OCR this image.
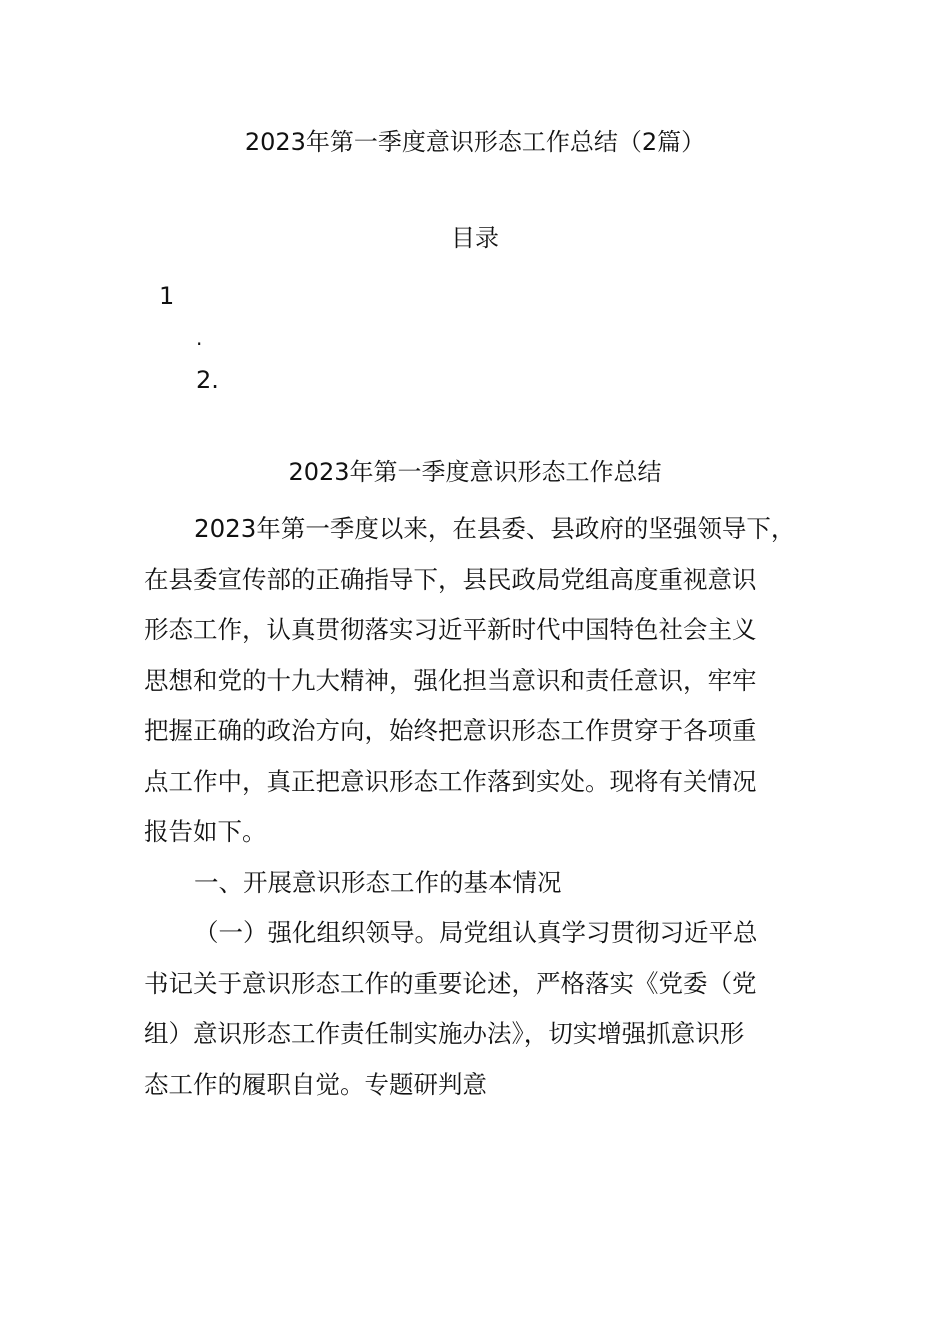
2023年第一季度意识形态工作总结（2篇）
目录
1
.
2.
2023年第一季度意识形态工作总结
2023年第一季度以来，在县委、县政府的坚强领导下，
在县委宣传部的正确指导下，县民政局党组高度重视意识
形态工作，认真贯彻落实习近平新时代中国特色社会主义
思想和党的十九大精神，强化担当意识和责任意识，牢牢
把握正确的政治方向，始终把意识形态工作贯穿于各项重
点工作中，真正把意识形态工作落到实处。现将有关情况
报告如下。
一、开展意识形态工作的基本情况
（一）强化组织领导。局党组认真学习贯彻习近平总
书记关于意识形态工作的重要论述，严格落实《党委（党
组）意识形态工作责任制实施办法》，切实增强抓意识形
态工作的履职自觉。专题研判意
